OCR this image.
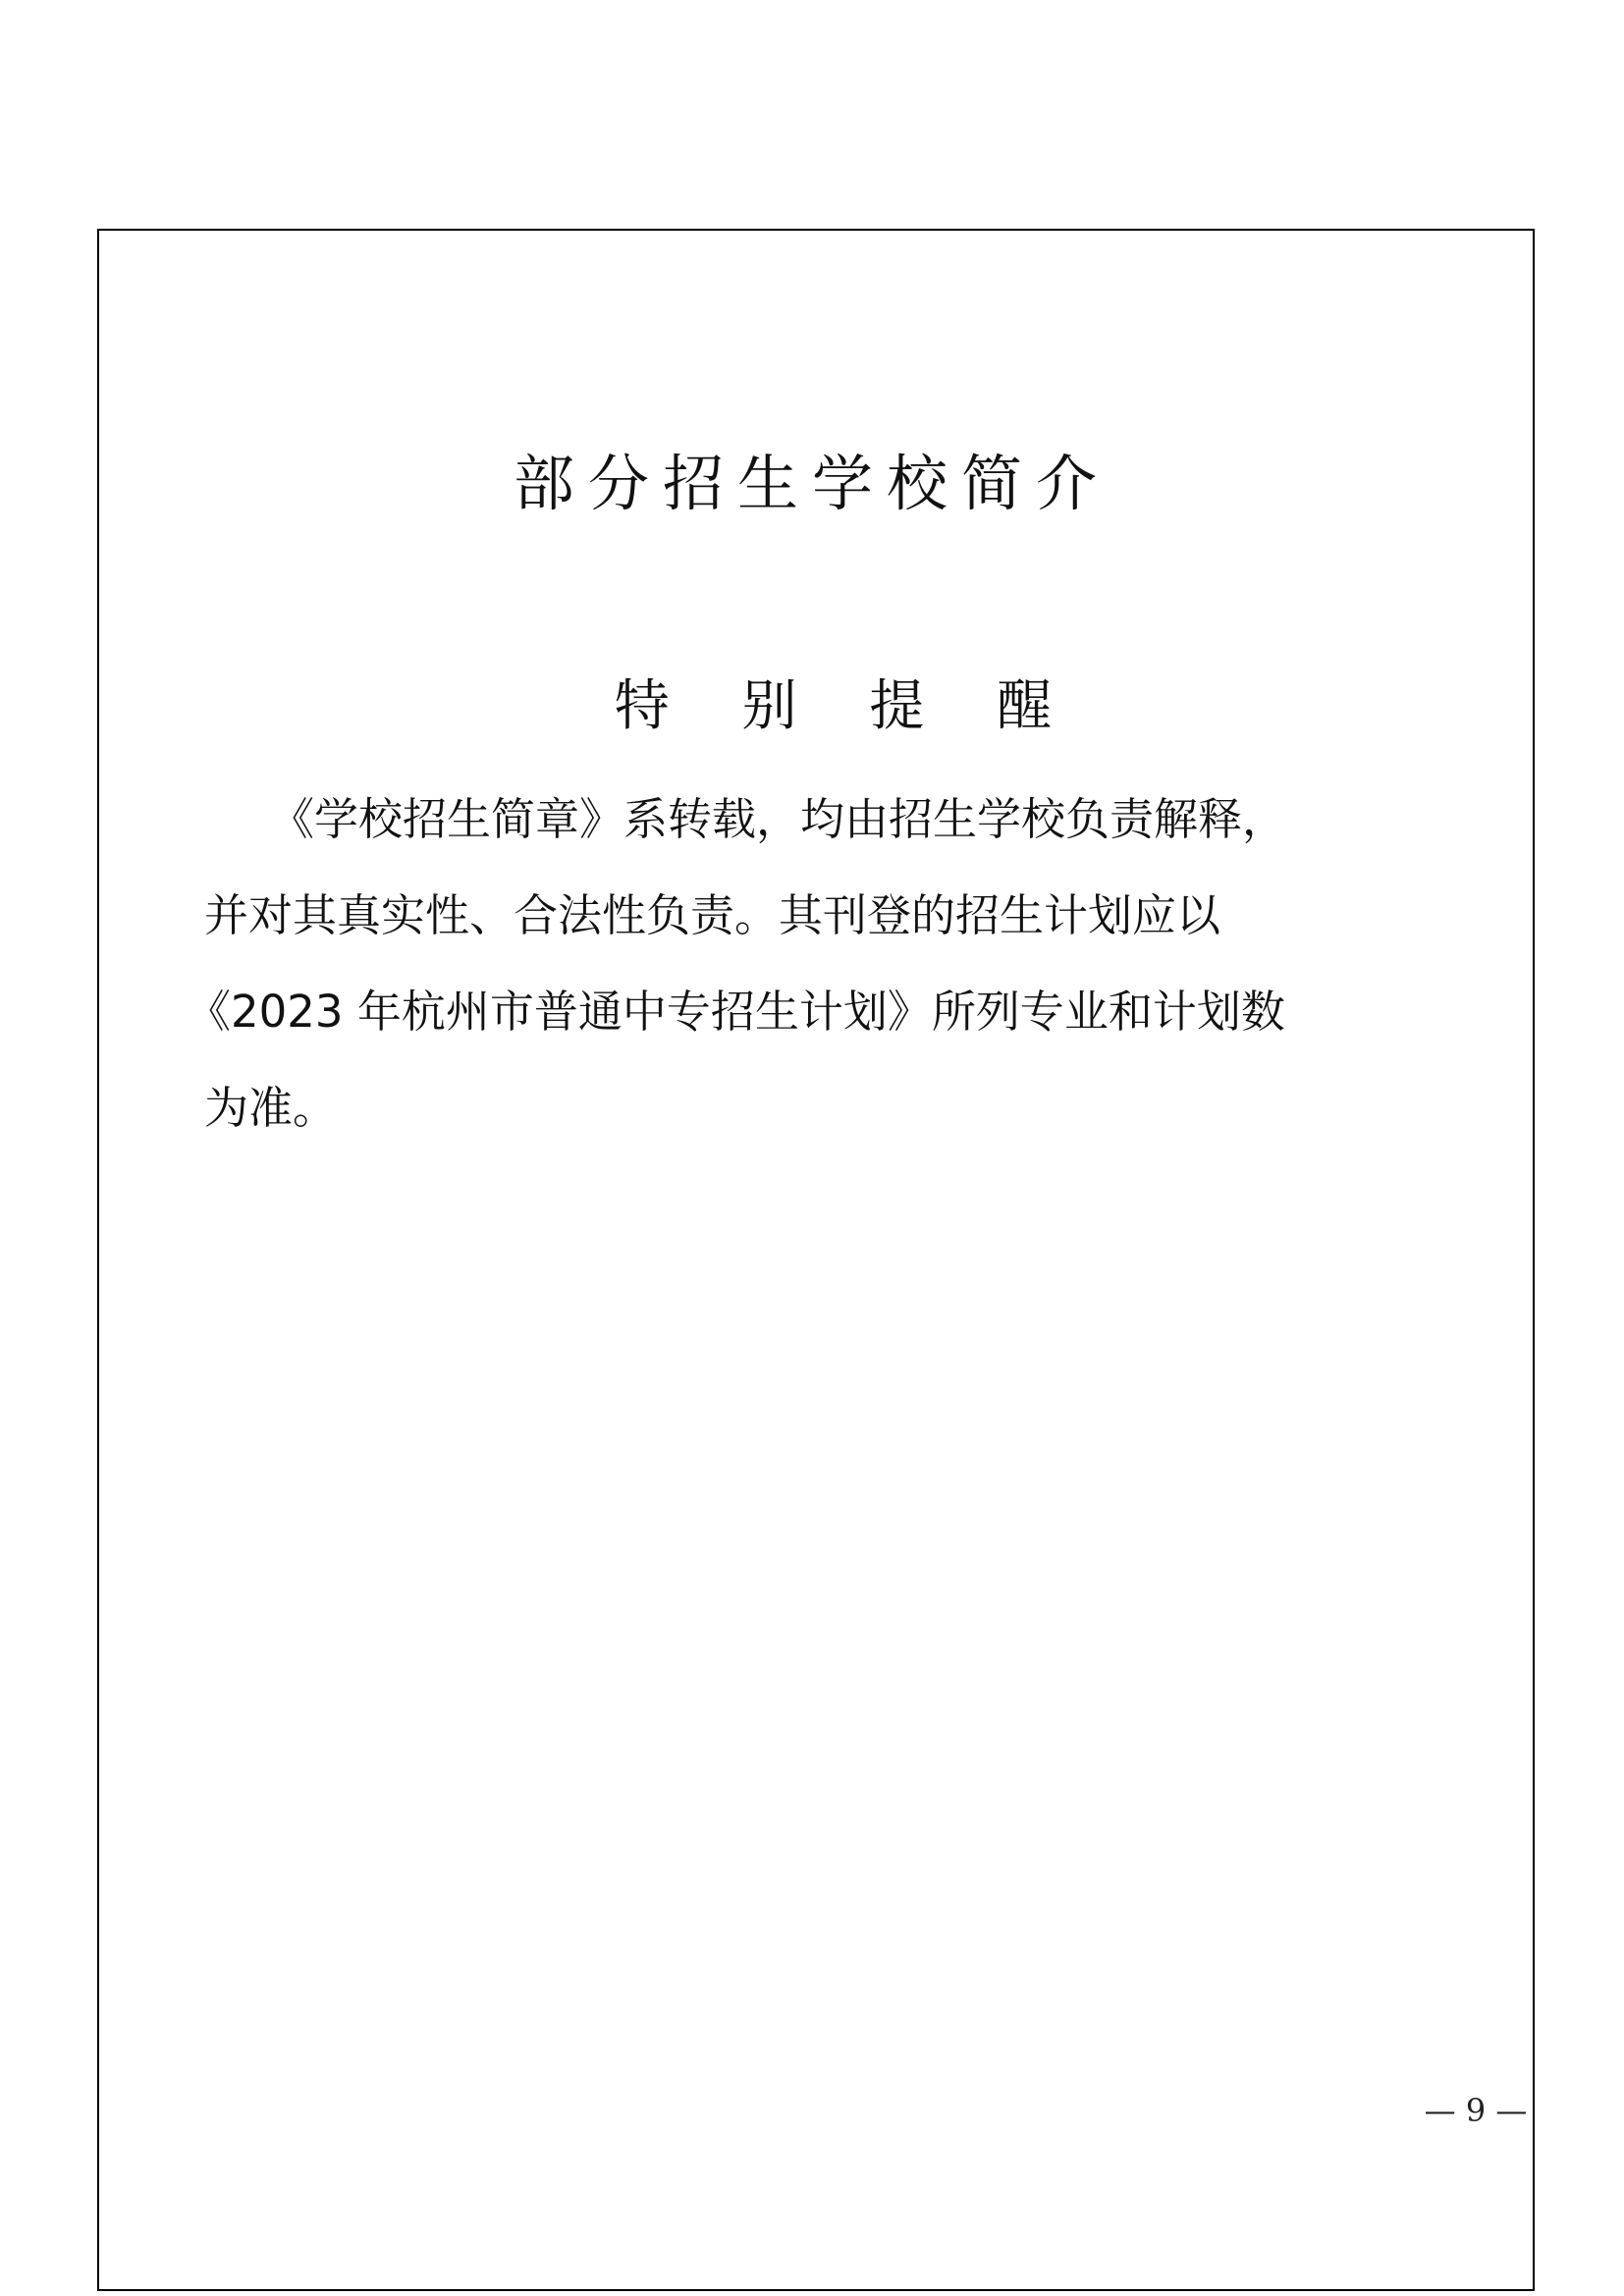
部分招生学校简介
特 别 提 醒

《学校招生简章》系转载，均由招生学校负责解释，

并对其真实性、合法性负责。其刊登的招生计划应以

《2023 年杭州市普通中专招生计划》所列专业和计划数

为准。

— 9 —
